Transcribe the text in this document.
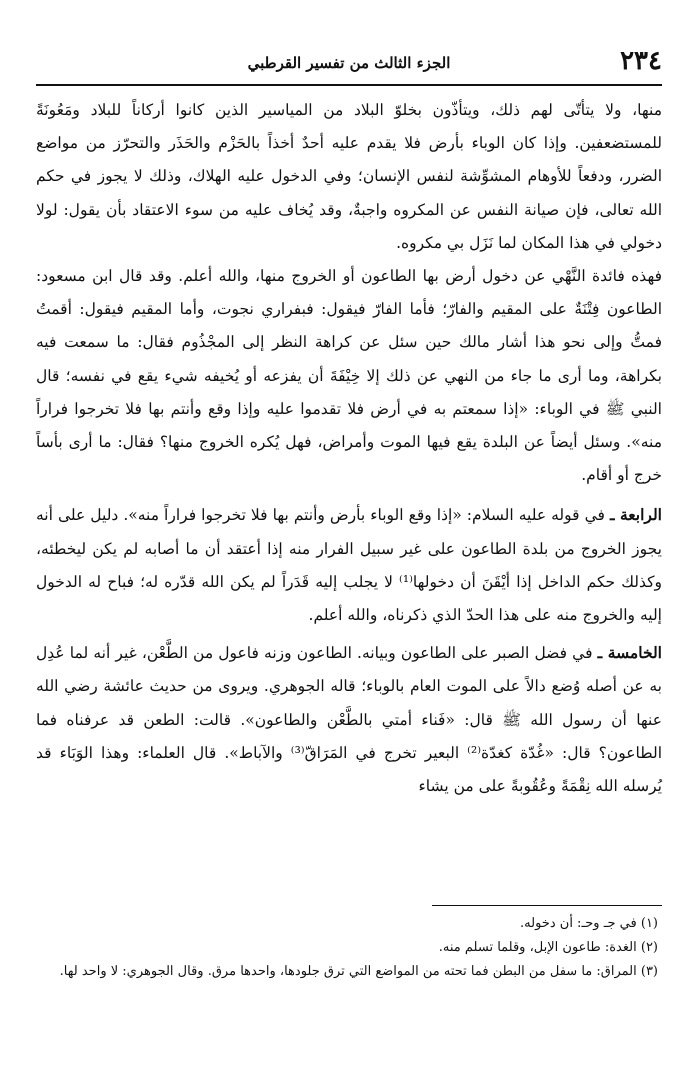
٢٣٤
الجزء الثالث من تفسير القرطبي

منها، ولا يتأتّى لهم ذلك، ويتأذّون بخلوّ البلاد من المياسير الذين كانوا أركاناً للبلاد ومَعُونَةً للمستضعفين. وإذا كان الوباء بأرض فلا يقدم عليه أحدٌ أخذاً بالحَزْم والحَذَر والتحرّز من مواضع الضرر، ودفعاً للأوهام المشوِّشة لنفس الإنسان؛ وفي الدخول عليه الهلاك، وذلك لا يجوز في حكم الله تعالى، فإن صيانة النفس عن المكروه واجبةٌ، وقد يُخاف عليه من سوء الاعتقاد بأن يقول: لولا دخولي في هذا المكان لما نَزَل بي مكروه.

فهذه فائدة النَّهْي عن دخول أرض بها الطاعون أو الخروج منها، والله أعلم. وقد قال ابن مسعود: الطاعون فِتْنَةٌ على المقيم والفارّ؛ فأما الفارّ فيقول: فبفراري نجوت، وأما المقيم فيقول: أقمتُ فمتُّ وإلى نحو هذا أشار مالك حين سئل عن كراهة النظر إلى المجْذُوم فقال: ما سمعت فيه بكراهة، وما أرى ما جاء من النهي عن ذلك إلا خِيْفَةَ أن يفزعه أو يُخيفه شيء يقع في نفسه؛ قال النبي ﷺ في الوباء: «إذا سمعتم به في أرض فلا تقدموا عليه وإذا وقع وأنتم بها فلا تخرجوا فراراً منه». وسئل أيضاً عن البلدة يقع فيها الموت وأمراض، فهل يُكره الخروج منها؟ فقال: ما أرى بأساً خرج أو أقام.

الرابعة ـ في قوله عليه السلام: «إذا وقع الوباء بأرض وأنتم بها فلا تخرجوا فراراً منه». دليل على أنه يجوز الخروج من بلدة الطاعون على غير سبيل الفرار منه إذا أعتقد أن ما أصابه لم يكن ليخطئه، وكذلك حكم الداخل إذا أيْقَنَ أن دخولها⁽¹⁾ لا يجلب إليه قَدَراً لم يكن الله قدّره له؛ فباح له الدخول إليه والخروج منه على هذا الحدّ الذي ذكرناه، والله أعلم.

الخامسة ـ في فضل الصبر على الطاعون وبيانه. الطاعون وزنه فاعول من الطَّعْن، غير أنه لما عُدِل به عن أصله وُضع دالاً على الموت العام بالوباء؛ قاله الجوهري. ويروى من حديث عائشة رضي الله عنها أن رسول الله ﷺ قال: «فَناء أمتي بالطَّعْن والطاعون». قالت: الطعن قد عرفناه فما الطاعون؟ قال: «غُدّة كغدّة⁽²⁾ البعير تخرج في المَرَاقّ⁽³⁾ والآباط». قال العلماء: وهذا الوَبَاء قد يُرسله الله نِقْمَةً وعُقُوبةً على من يشاء

(١) في جـ وحـ: أن دخوله.

(٢) الغدة: طاعون الإبل، وقلما تسلم منه.

(٣) المراق: ما سفل من البطن فما تحته من المواضع التي ترق جلودها، واحدها مرق. وقال الجوهري: لا واحد لها.
